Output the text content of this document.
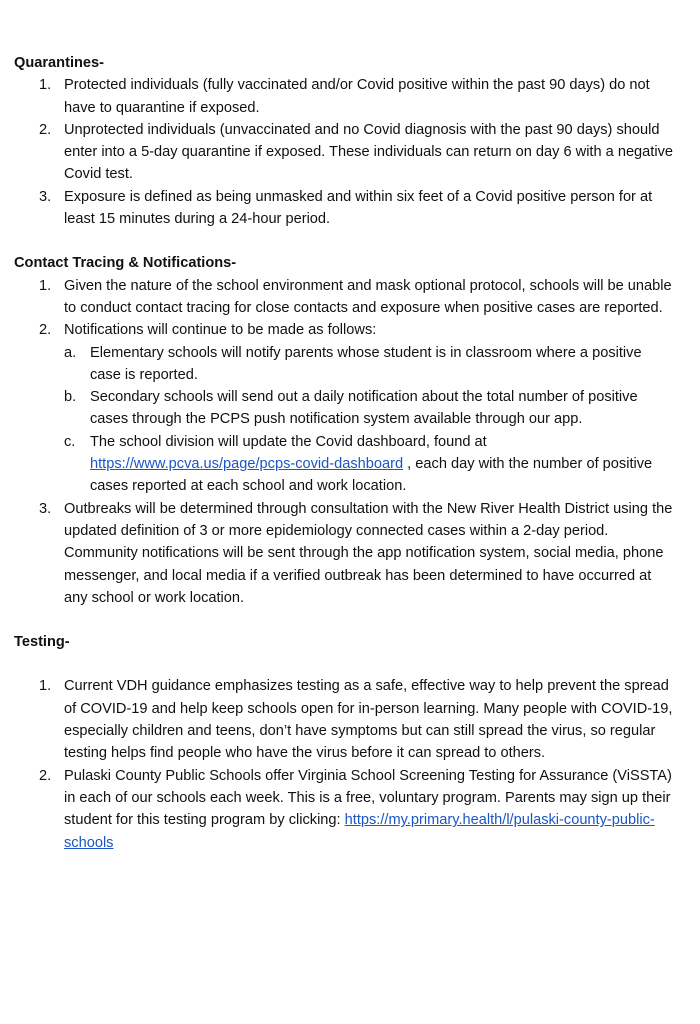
Quarantines-

1. Protected individuals (fully vaccinated and/or Covid positive within the past 90 days) do not have to quarantine if exposed.
2. Unprotected individuals (unvaccinated and no Covid diagnosis with the past 90 days) should enter into a 5-day quarantine if exposed. These individuals can return on day 6 with a negative Covid test.
3. Exposure is defined as being unmasked and within six feet of a Covid positive person for at least 15 minutes during a 24-hour period.

Contact Tracing & Notifications-

1. Given the nature of the school environment and mask optional protocol, schools will be unable to conduct contact tracing for close contacts and exposure when positive cases are reported.
2. Notifications will continue to be made as follows:
a. Elementary schools will notify parents whose student is in classroom where a positive case is reported.
b. Secondary schools will send out a daily notification about the total number of positive cases through the PCPS push notification system available through our app.
c. The school division will update the Covid dashboard, found at https://www.pcva.us/page/pcps-covid-dashboard , each day with the number of positive cases reported at each school and work location.
3. Outbreaks will be determined through consultation with the New River Health District using the updated definition of 3 or more epidemiology connected cases within a 2-day period. Community notifications will be sent through the app notification system, social media, phone messenger, and local media if a verified outbreak has been determined to have occurred at any school or work location.

Testing-

1. Current VDH guidance emphasizes testing as a safe, effective way to help prevent the spread of COVID-19 and help keep schools open for in-person learning. Many people with COVID-19, especially children and teens, don’t have symptoms but can still spread the virus, so regular testing helps find people who have the virus before it can spread to others.
2. Pulaski County Public Schools offer Virginia School Screening Testing for Assurance (ViSSTA) in each of our schools each week. This is a free, voluntary program. Parents may sign up their student for this testing program by clicking: https://my.primary.health/l/pulaski-county-public-schools
